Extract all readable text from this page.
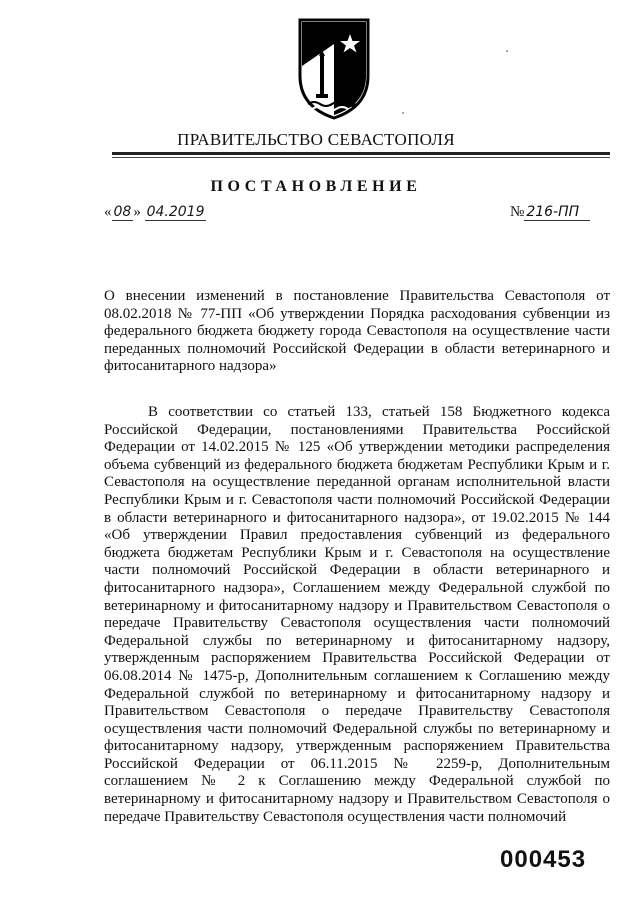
ПРАВИТЕЛЬСТВО СЕВАСТОПОЛЯ
ПОСТАНОВЛЕНИЕ
« 08 » 04.2019	№ 216-ПП

О внесении изменений в постановление Правительства Севастополя от 08.02.2018 № 77-ПП «Об утверждении Порядка расходования субвенции из федерального бюджета бюджету города Севастополя на осуществление части переданных полномочий Российской Федерации в области ветеринарного и фитосанитарного надзора»

В соответствии со статьей 133, статьей 158 Бюджетного кодекса Российской Федерации, постановлениями Правительства Российской Федерации от 14.02.2015 № 125 «Об утверждении методики распределения объема субвенций из федерального бюджета бюджетам Республики Крым и г. Севастополя на осуществление переданной органам исполнительной власти Республики Крым и г. Севастополя части полномочий Российской Федерации в области ветеринарного и фитосанитарного надзора», от 19.02.2015 № 144 «Об утверждении Правил предоставления субвенций из федерального бюджета бюджетам Республики Крым и г. Севастополя на осуществление части полномочий Российской Федерации в области ветеринарного и фитосанитарного надзора», Соглашением между Федеральной службой по ветеринарному и фитосанитарному надзору и Правительством Севастополя о передаче Правительству Севастополя осуществления части полномочий Федеральной службы по ветеринарному и фитосанитарному надзору, утвержденным распоряжением Правительства Российской Федерации от 06.08.2014 № 1475-р, Дополнительным соглашением к Соглашению между Федеральной службой по ветеринарному и фитосанитарному надзору и Правительством Севастополя о передаче Правительству Севастополя осуществления части полномочий Федеральной службы по ветеринарному и фитосанитарному надзору, утвержденным распоряжением Правительства Российской Федерации от 06.11.2015 № 2259-р, Дополнительным соглашением № 2 к Соглашению между Федеральной службой по ветеринарному и фитосанитарному надзору и Правительством Севастополя о передаче Правительству Севастополя осуществления части полномочий

000453
